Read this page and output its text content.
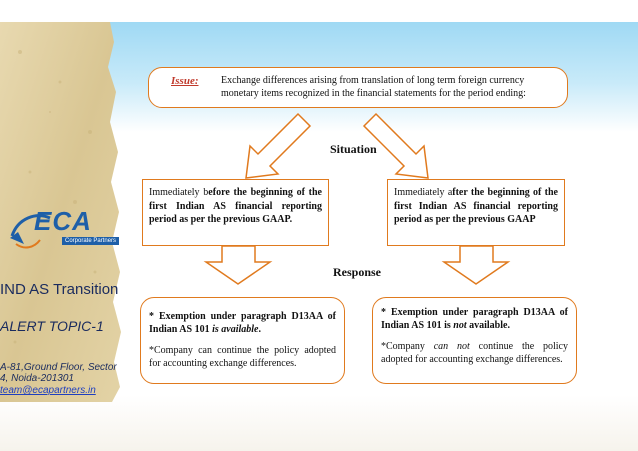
ECA
Corporate Partners
IND AS Transition
ALERT TOPIC-1
A-81,Ground Floor, Sector
4, Noida-201301
team@ecapartners.in
Issue: Exchange differences arising from translation of long term foreign currency monetary items recognized in the financial statements for the period ending:
Situation
Immediately before the beginning of the first Indian AS financial reporting period as per the previous GAAP.
Immediately after the beginning of the first Indian AS financial reporting period as per the previous GAAP
Response

* Exemption under paragraph D13AA of Indian AS 101 is available.

*Company can continue the policy adopted for accounting exchange differences.

* Exemption under paragraph D13AA of Indian AS 101 is not available.

*Company can not continue the policy adopted for accounting exchange differences.
